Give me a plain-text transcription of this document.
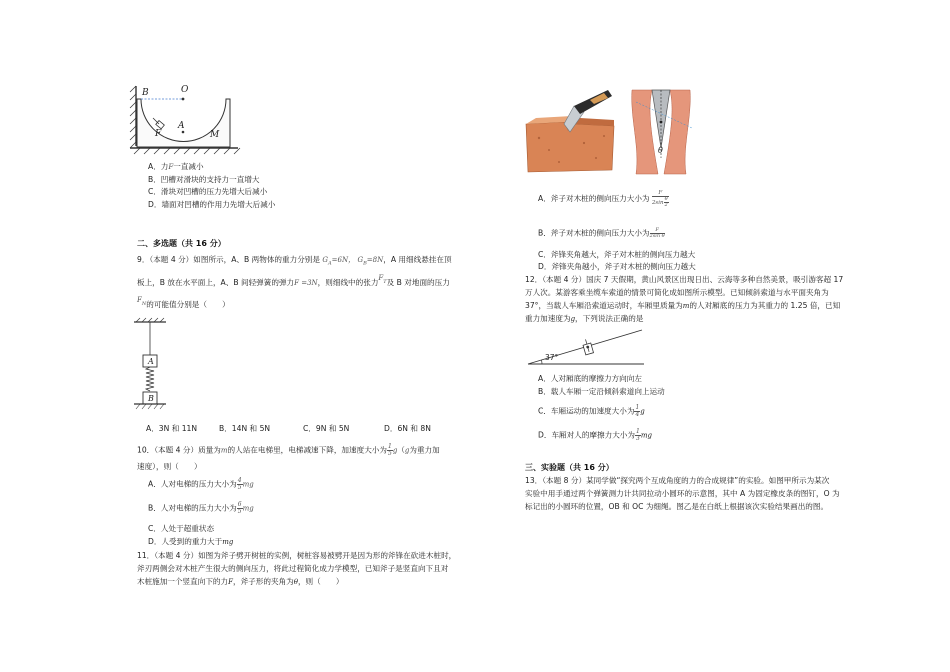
B	O
A
F	M
A．力F一直减小
B．凹槽对滑块的支持力一直增大
C．滑块对凹槽的压力先增大后减小
D．墙面对凹槽的作用力先增大后减小
二、多选题（共 16 分）
9．（本题 4 分）如图所示，A、B 两物体的重力分别是 $G_A=6N$， $G_B=8N$，A 用细线悬挂在顶
板上，B 放在水平面上，A、B 间轻弹簧的弹力F =3N，则细线中的张力$F_T$及 B 对地面的压力
$F_N$的可能值分别是（　　）
A
B
A．3N 和 11N	B．14N 和 5N	C．9N 和 5N	D．6N 和 8N
10．（本题 4 分）质量为m的人站在电梯里，电梯减速下降，加速度大小为 $\frac{1}{5} g(g$为重力加
速度），则（　　）
A．人对电梯的压力大小为 $\frac{4}{5}$ mg
B．人对电梯的压力大小为 $\frac{6}{5}$ mg
C．人处于超重状态
D．人受到的重力大于mg
11．（本题 4 分）如图为斧子劈开树桩的实例，树桩容易被劈开是因为形的斧锋在砍进木桩时，
斧刃两侧会对木桩产生很大的侧向压力，将此过程简化成力学模型，已知斧子是竖直向下且对
木桩施加一个竖直向下的力F，斧子形的夹角为θ，则（　　）
θ
A．斧子对木桩的侧向压力大小为 $\frac{F}{2\sin \frac{\theta}{2}}$
B．斧子对木桩的侧向压力大小为 $\frac{F}{\text{2sin θ}}$
C．斧锋夹角越大，斧子对木桩的侧向压力越大
D．斧锋夹角越小，斧子对木桩的侧向压力越大
12．（本题 4 分）国庆 7 天假期，黄山风景区出现日出、云海等多种自然美景，吸引游客超 17
万人次。某游客乘坐缆车索道的情景可简化成如图所示模型。已知倾斜索道与水平面夹角为
37°，当载人车厢沿索道运动时，车厢里质量为m的人对厢底的压力为其重力的 1.25 倍，已知
重力加速度为g，下列说法正确的是
37°
A．人对厢底的摩擦力方向向左
B．载人车厢一定沿倾斜索道向上运动
C．车厢运动的加速度大小为 $\frac{1}{4}$ g
D．车厢对人的摩擦力大小为 $\frac{1}{3}$ mg
三、实验题（共 16 分）
13．（本题 8 分）某同学做“探究两个互成角度的力的合成规律”的实验。如图甲所示为某次
实验中用手通过两个弹簧测力计共同拉动小圆环的示意图，其中 A 为固定橡皮条的图钉，O 为
标记出的小圆环的位置，OB 和 OC 为细绳。图乙是在白纸上根据该次实验结果画出的图。
